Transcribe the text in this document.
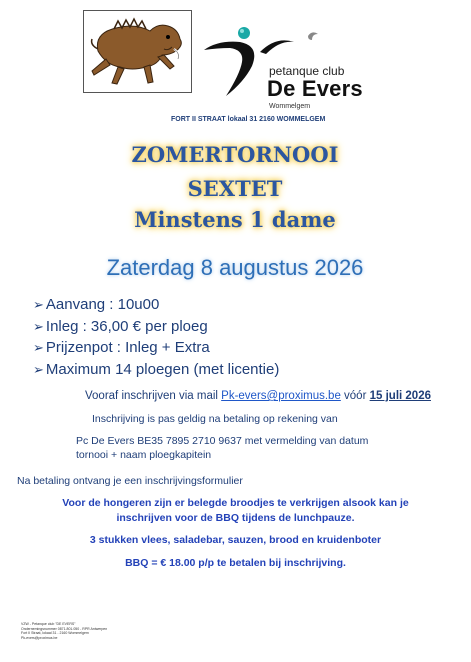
petanque club
De Evers
Wommelgem
FORT II STRAAT lokaal 31 2160 WOMMELGEM
ZOMERTORNOOI
SEXTET
Minstens 1 dame
Zaterdag 8 augustus 2026
➢ Aanvang : 10u00
➢ Inleg : 36,00 € per ploeg
➢ Prijzenpot : Inleg + Extra
➢ Maximum 14 ploegen (met licentie)
Vooraf inschrijven via mail Pk-evers@proximus.be vóór 15 juli 2026
Inschrijving is pas geldig na betaling op rekening van
Pc De Evers BE35 7895 2710 9637 met vermelding van datum
tornooi + naam ploegkapitein
Na betaling ontvang je een inschrijvingsformulier
Voor de hongeren zijn er belegde broodjes te verkrijgen alsook kan je
inschrijven voor de BBQ tijdens de lunchpauze.
3 stukken vlees, saladebar, sauzen, brood en kruidenboter
BBQ = € 18.00 p/p te betalen bij inschrijving.
VZW - Petanque club "DE EVERS"
Ondernemingsnummer 0871.801.050 - RPR Antwerpen
Fort II Straat, lokaal 31 - 2160 Wommelgem
Pk-evers@proximus.be
